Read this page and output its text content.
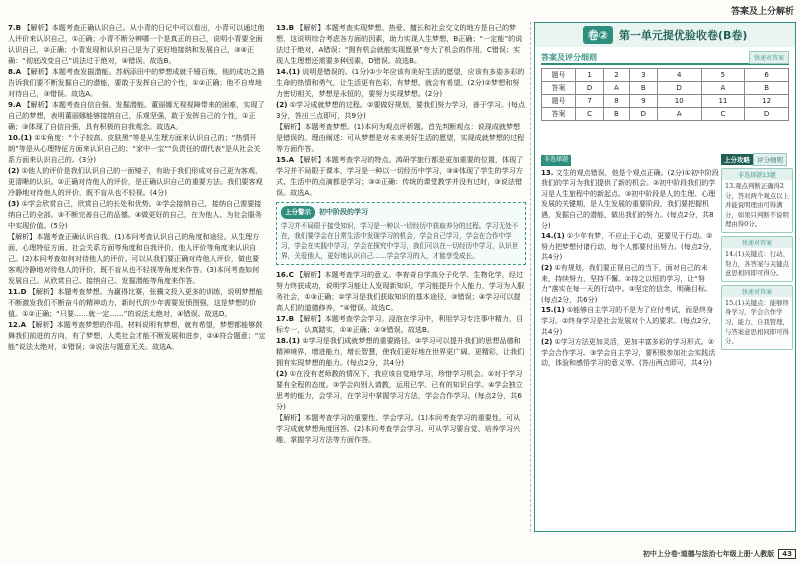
答案及上分解析

7.B 【解析】本题考查正确认识自己。从小青的日记中可以看出，小青可以通过他人评价来认识自己，①正确；小青不断分辨哪一个是真正的自己，说明小青要全面认识自己，②正确；小青发现和认识自己是为了更好地接纳和发展自己，③④正确：“彻底改变自己”说法过于绝对，④错误。故选B。

8.A 【解析】本题考查发掘潜能。苏炳添田中的梦想成就千锤百炼，他的成功之路告诉我们要不断发掘自己的潜能，要敢于发挥自己的个性，①②正确；他不自卑地对待自己，③错误。故选A。

9.A 【解析】本题考查自信自强、发掘潜能。董丽娜无视视障带来的困难，实现了自己的梦想，表明董丽娜能够接纳自己，乐观坚强，敢于发挥自己的个性，①正确；③体现了自信自强，具有积极的自我观念。故选A。

10.(1) ①①角度：“个子较高、皮肤黑”等是从生理方面来认识自己的；“热情开朗”等是从心理特征方面来认识自己的；“家中一宝”“负责任的谓代表”是从社会关系方面来认识自己的。(3分)

(2) ①他人的评价是我们认识自己的一面镜子，有助于我们形成对自己更为客观、更清晰的认识。②正确对待他人的评价，是正确认识自己的重要方法。我们要客观冷静地对待他人的评价，既不盲从也不轻视。(4分)

(3) ①学会欣赏自己，欣赏自己的长处和优势。②学会接纳自己，接纳自己需要接纳自己的全部。③不断完善自己的品德。④做更好的自己，在为他人、为社会服务中实现价值。(5分)

【解析】本题考查正确认识自我。(1)本问考查认识自己的角度和途径。从生理方面、心理特征方面、社会关系方面等角度和自我评价、他人评价等角度来认识自己。(2)本问考查如何对待他人的评价。可以从我们要正确对待他人评价，做也要客观冷静地对待他人的评价，既不盲从也不轻视等角度来作答。(3)本问考查如何发展自己。从欣赏自己、接纳自己、发掘潜能等角度来作答。

11.D 【解析】本题考查梦想。为赢得比赛，张骥文投入更多的训练，说明梦想能不断激发我们不断奋斗的精神动力，新时代的少年需要发愤图强，这是梦想的价值。①②正确；“只要……就一定……”的说法太绝对，④错误。故选D。

12.A 【解析】本题考查梦想的作用。材料说明有梦想，就有希望，梦想都能够鼓舞我们前进的方向，有了梦想，人类社会才能不断发展和进步，②④符合题意；“定能”说法太绝对，①错误；③说法与题意无关。故选A。

13.B 【解析】本题考查实现梦想。热爱、擅长和社会交文的地方是自己的梦想，这说明综合考虑各方面的因素，助力实现人生梦想，B正确；“一定能”的说法过于绝对，A错误；“拥有机会就能实现愿景”夸大了机会的作用，C错误；实现人生理想还需要多种因素，D错误。故选B。

14.(1) 说明是错误的。(1分)①少年应该有美好生活的愿望，应该有多姿多彩的生命的热情和勇气，让生活更有色彩，有梦想，就会有希望。(2分)②梦想和努力密切相关，梦想是永恒的，要努力实现梦想。(2分)

(2) ①学习成就梦想的过程。②要做好规划，要我们努力学习，善于学习。(每点3分，答出三点即可，共9分)

【解析】本题考查梦想。(1)本问为观点评析题。首先判断观点：说现成就梦想是错误的。理由阐述：可从梦想是对未来美好生活的愿望，实现成就梦想的过程等方面作答。

15.A 【解析】本题考查学习的特点。鸿研学旅行都是更加重要的位置，体现了学习并不局限于课本，学习是一种以一切经历中学习，③④体现了学生的学习方式、生活中的点滴都是学习；③②正确：传统的课堂教学并没有过时，③说法错误。故选A。

上分警示	初中阶段的学习
学习并不局限于接受知识，学习是一种以一切经历中获取养分的过程。学习无处不在，我们要学会在日常生活中发现学习的机会，学会自己学习，学会在合作中学习，学会在实践中学习，学会在探究中学习，我们可以在一切经历中学习，认识世界，关爱他人，更好地认识自己……学会学习的人，才能享受成长。

16.C 【解析】本题考查学习的意义。李宥奇自学高分子化学、生物化学，经过努力终获成功，说明学习能让人发现新知识，学习能提升个人能力，学习为人服务社会，①③正确；②学习是我们获取知识的基本途径，③错误；④学习可以提高人们的道德修养，“④错误。故选C。

17.B 【解析】本题考查学会学习。浸泡在学习中，利用学习专注事中精力，目标专一，认真踏实，①④正确；②③错误。故选B。

18.(1) ①学习是我们成就梦想的重要路径。②学习可以提升我们的思想品德和精神境界，增进能力，增长智慧，使我们更好地在世界更广阔、更精彩，让我们拥有实现梦想的能力。(每点2分，共4分)

(2) ①在没有老师教的情况下，我应该自觉地学习，珍惜学习机会。②对于学习要有全程的态度。③学会向别人请教，运用已学、已有的知识自学。④学会独立思考的能力，会学习，在学习中掌握学习方法，学会合作学习。(每点2分，共6分)

【解析】本题考查学习的重要性、学会学习。(1)本问考查学习的重要性。可从学习成就梦想角度回答。(2)本问考查学会学习。可从学习要自觉、培养学习兴趣、掌握学习方法等方面作答。

卷②	第一单元提优验收卷(B卷)
答案及评分细则	快速对答案
题号	1	2	3	4	5	6
答案	D	A	B	D	A	B
题号	7	8	9	10	11	12
答案	C	B	D	A	C	D
非选择题

13. 文生的观点错误，他是个观点正确。(2分)①初中阶段我们的学习为我们提供了新的机会。②初中阶段我们的学习是人生旅程中的新起点。③初中阶段是人的生理、心理发展的关键期，是人生发展的重要阶段，我们要把握机遇，发掘自己的潜能，做出我们的努力。(每点2分，共8分)

14.(1) ①少年有梦，不应止于心动，更要见于行动。②努力把梦想付诸行动，每个人都要付出努力。(每点2分，共4分)

(2) ①有规划，我们要正视自己的当下，面对自己的未来，持续努力，坚持不懈。②持之以恒的学习，让“努力”落实在每一天的行动中。③坚定的信念，明确目标。(每点2分，共6分)

15.(1) ①能够自主学习的不是为了应付考试，而是终身学习。②终身学习是社会发展对个人的要求。(每点2分，共4分)

(2) ①学习方法更加灵活，更加丰富多彩的学习形式。②学会合作学习。③学会自主学习，要积极参加社会实践活动，体验和感悟学习的意义等。(答出两点即可，共4分)

上分攻略	评分细则
非选择题13题
13.观点判断正确得2分，答对两个观点以上并能说明理由可得满分，如果只判断不说明理由得0分。
快速对答案
14.(1)关键点：行动、努力，各答案与关键点意思相同即可得分。
快速对答案
15.(1)关键点：能够终身学习，学会合作学习，能力、自我管理，与答案意思相同即可得分。
初中上分卷·道德与法治七年级上册·人教版	43
